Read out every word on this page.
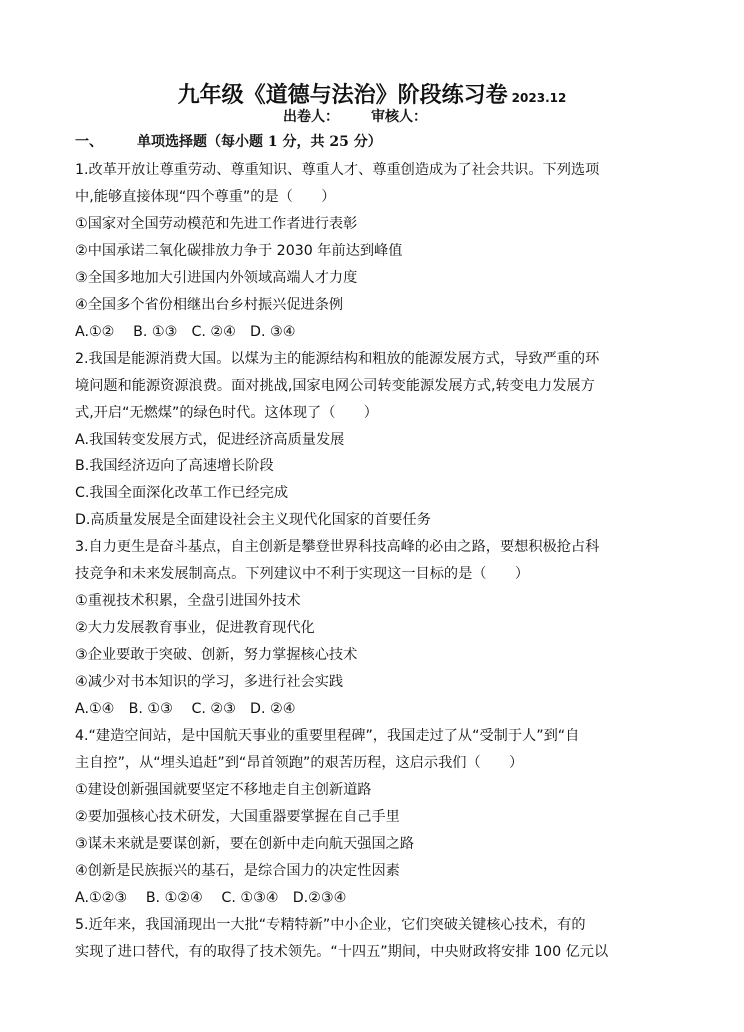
九年级《道德与法治》阶段练习卷 2023.12
出卷人： 审核人：
一、 单项选择题（每小题 1 分，共 25 分）
1.改革开放让尊重劳动、尊重知识、尊重人才、尊重创造成为了社会共识。下列选项
中,能够直接体现“四个尊重”的是（　　）
①国家对全国劳动模范和先进工作者进行表彰
②中国承诺二氧化碳排放力争于 2030 年前达到峰值
③全国多地加大引进国内外领域高端人才力度
④全国多个省份相继出台乡村振兴促进条例
A.①②　 B. ①③　C. ②④　D. ③④
2.我国是能源消费大国。以煤为主的能源结构和粗放的能源发展方式，导致严重的环
境问题和能源资源浪费。面对挑战,国家电网公司转变能源发展方式,转变电力发展方
式,开启“无燃煤”的绿色时代。这体现了（　　）
A.我国转变发展方式，促进经济高质量发展
B.我国经济迈向了高速增长阶段
C.我国全面深化改革工作已经完成
D.高质量发展是全面建设社会主义现代化国家的首要任务
3.自力更生是奋斗基点，自主创新是攀登世界科技高峰的必由之路，要想积极抢占科
技竞争和未来发展制高点。下列建议中不利于实现这一目标的是（　　）
①重视技术积累，全盘引进国外技术
②大力发展教育事业，促进教育现代化
③企业要敢于突破、创新，努力掌握核心技术
④减少对书本知识的学习，多进行社会实践
A.①④　B. ①③　 C. ②③　D. ②④
4.“建造空间站，是中国航天事业的重要里程碑”，我国走过了从“受制于人”到“自
主自控”，从“埋头追赶”到“昂首领跑”的艰苦历程，这启示我们（　　）
①建设创新强国就要坚定不移地走自主创新道路
②要加强核心技术研发，大国重器要掌握在自己手里
③谋未来就是要谋创新，要在创新中走向航天强国之路
④创新是民族振兴的基石，是综合国力的决定性因素
A.①②③　 B. ①②④　 C. ①③④　D.②③④
5.近年来，我国涌现出一大批“专精特新”中小企业，它们突破关键核心技术，有的
实现了进口替代，有的取得了技术领先。“十四五”期间，中央财政将安排 100 亿元以
